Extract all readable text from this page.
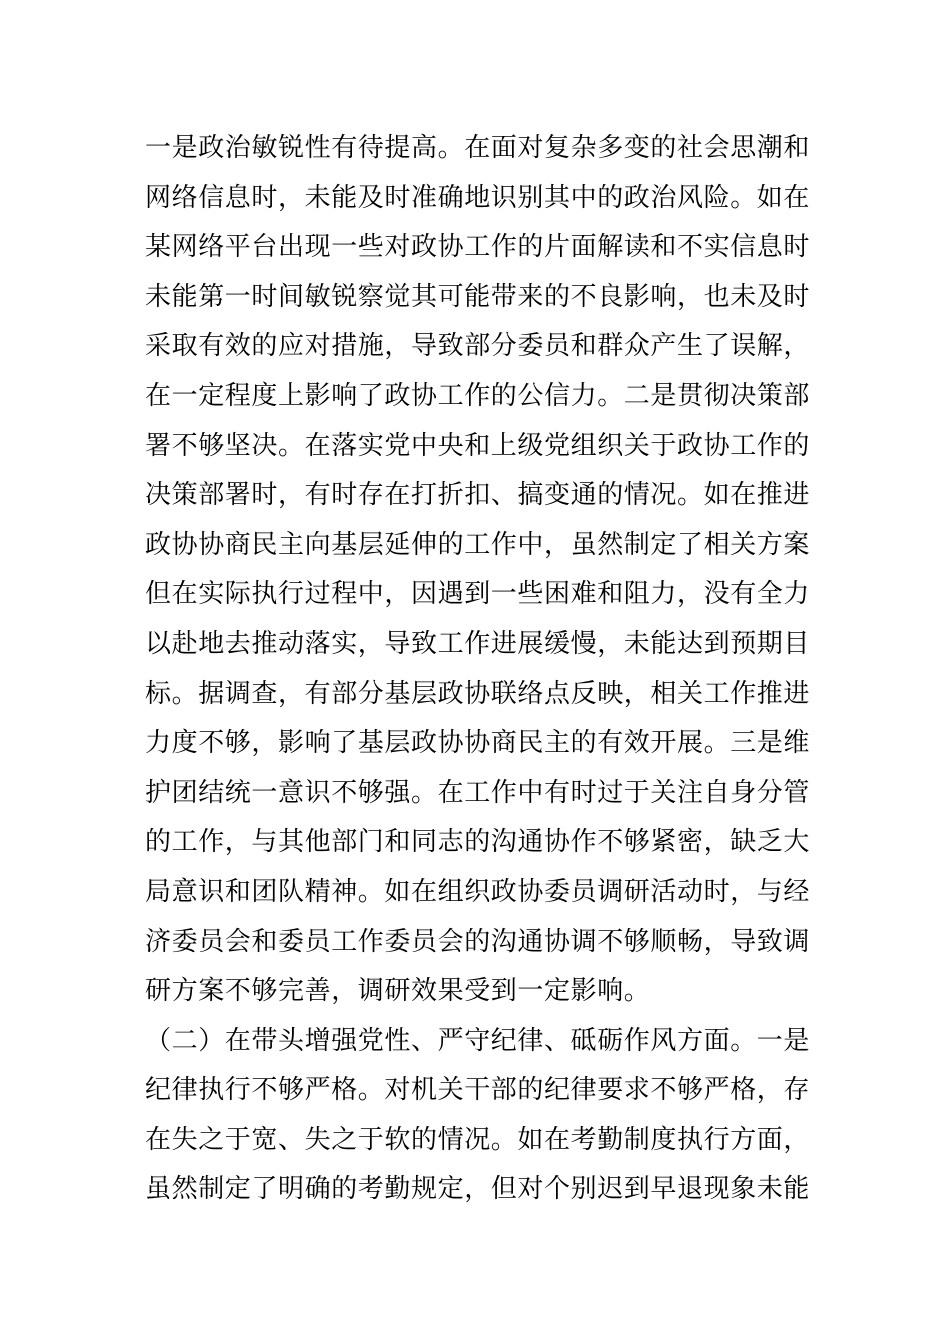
一是政治敏锐性有待提高。在面对复杂多变的社会思潮和
网络信息时，未能及时准确地识别其中的政治风险。如在
某网络平台出现一些对政协工作的片面解读和不实信息时
未能第一时间敏锐察觉其可能带来的不良影响，也未及时
采取有效的应对措施，导致部分委员和群众产生了误解，
在一定程度上影响了政协工作的公信力。二是贯彻决策部
署不够坚决。在落实党中央和上级党组织关于政协工作的
决策部署时，有时存在打折扣、搞变通的情况。如在推进
政协协商民主向基层延伸的工作中，虽然制定了相关方案
但在实际执行过程中，因遇到一些困难和阻力，没有全力
以赴地去推动落实，导致工作进展缓慢，未能达到预期目
标。据调查，有部分基层政协联络点反映，相关工作推进
力度不够，影响了基层政协协商民主的有效开展。三是维
护团结统一意识不够强。在工作中有时过于关注自身分管
的工作，与其他部门和同志的沟通协作不够紧密，缺乏大
局意识和团队精神。如在组织政协委员调研活动时，与经
济委员会和委员工作委员会的沟通协调不够顺畅，导致调
研方案不够完善，调研效果受到一定影响。
（二）在带头增强党性、严守纪律、砥砺作风方面。一是
纪律执行不够严格。对机关干部的纪律要求不够严格，存
在失之于宽、失之于软的情况。如在考勤制度执行方面，
虽然制定了明确的考勤规定，但对个别迟到早退现象未能
